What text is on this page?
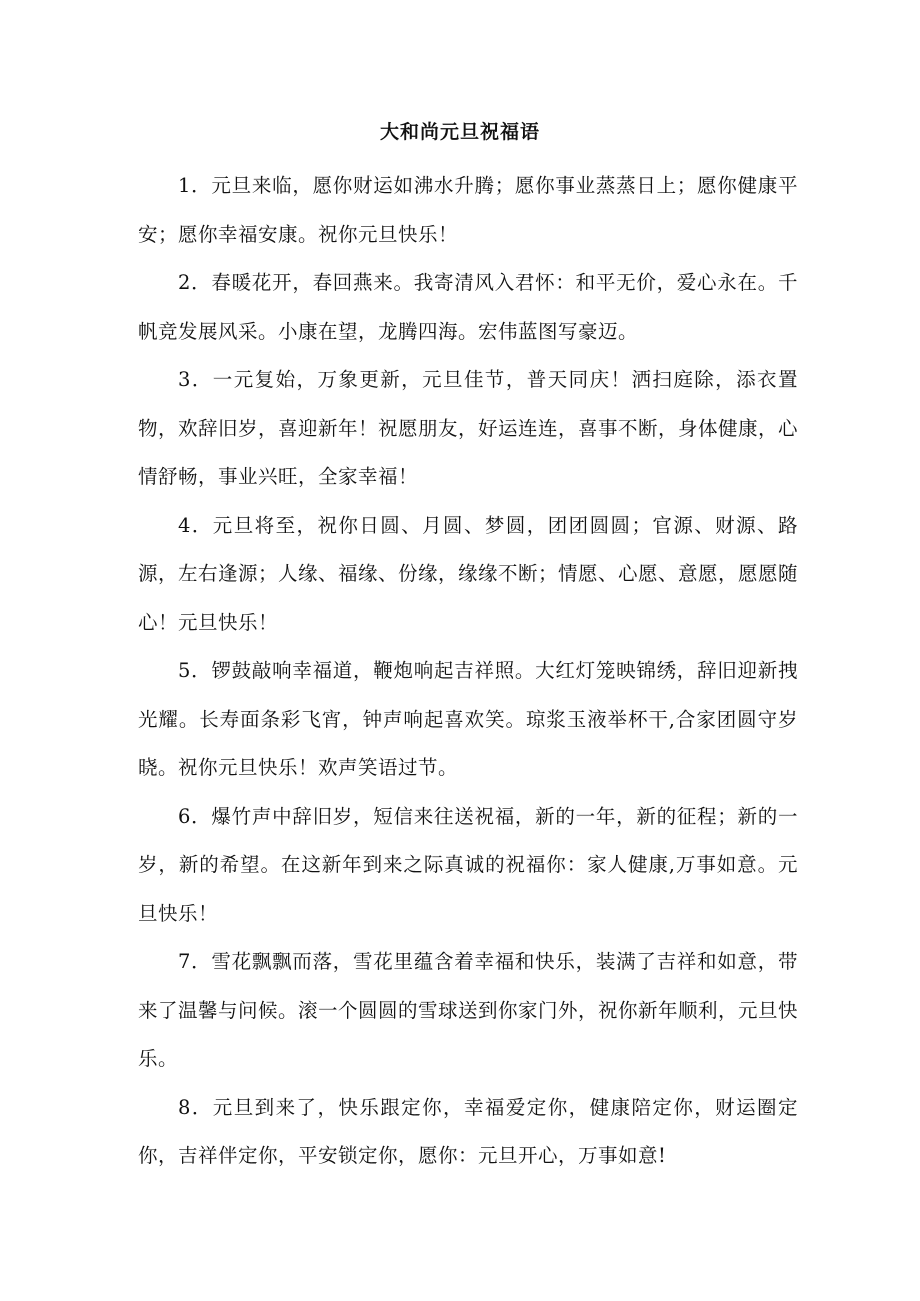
大和尚元旦祝福语

1．元旦来临，愿你财运如沸水升腾；愿你事业蒸蒸日上；愿你健康平安；愿你幸福安康。祝你元旦快乐！

2．春暖花开，春回燕来。我寄清风入君怀：和平无价，爱心永在。千帆竞发展风采。小康在望，龙腾四海。宏伟蓝图写豪迈。

3．一元复始，万象更新，元旦佳节，普天同庆！洒扫庭除，添衣置物，欢辞旧岁，喜迎新年！祝愿朋友，好运连连，喜事不断，身体健康，心情舒畅，事业兴旺，全家幸福！

4．元旦将至，祝你日圆、月圆、梦圆，团团圆圆；官源、财源、路源，左右逢源；人缘、福缘、份缘，缘缘不断；情愿、心愿、意愿，愿愿随心！元旦快乐！

5．锣鼓敲响幸福道，鞭炮响起吉祥照。大红灯笼映锦绣，辞旧迎新拽光耀。长寿面条彩飞宵，钟声响起喜欢笑。琼浆玉液举杯干,合家团圆守岁晓。祝你元旦快乐！欢声笑语过节。

6．爆竹声中辞旧岁，短信来往送祝福，新的一年，新的征程；新的一岁，新的希望。在这新年到来之际真诚的祝福你：家人健康,万事如意。元旦快乐！

7．雪花飘飘而落，雪花里蕴含着幸福和快乐，装满了吉祥和如意，带来了温馨与问候。滚一个圆圆的雪球送到你家门外，祝你新年顺利，元旦快乐。

8．元旦到来了，快乐跟定你，幸福爱定你，健康陪定你，财运圈定你，吉祥伴定你，平安锁定你，愿你：元旦开心，万事如意!
